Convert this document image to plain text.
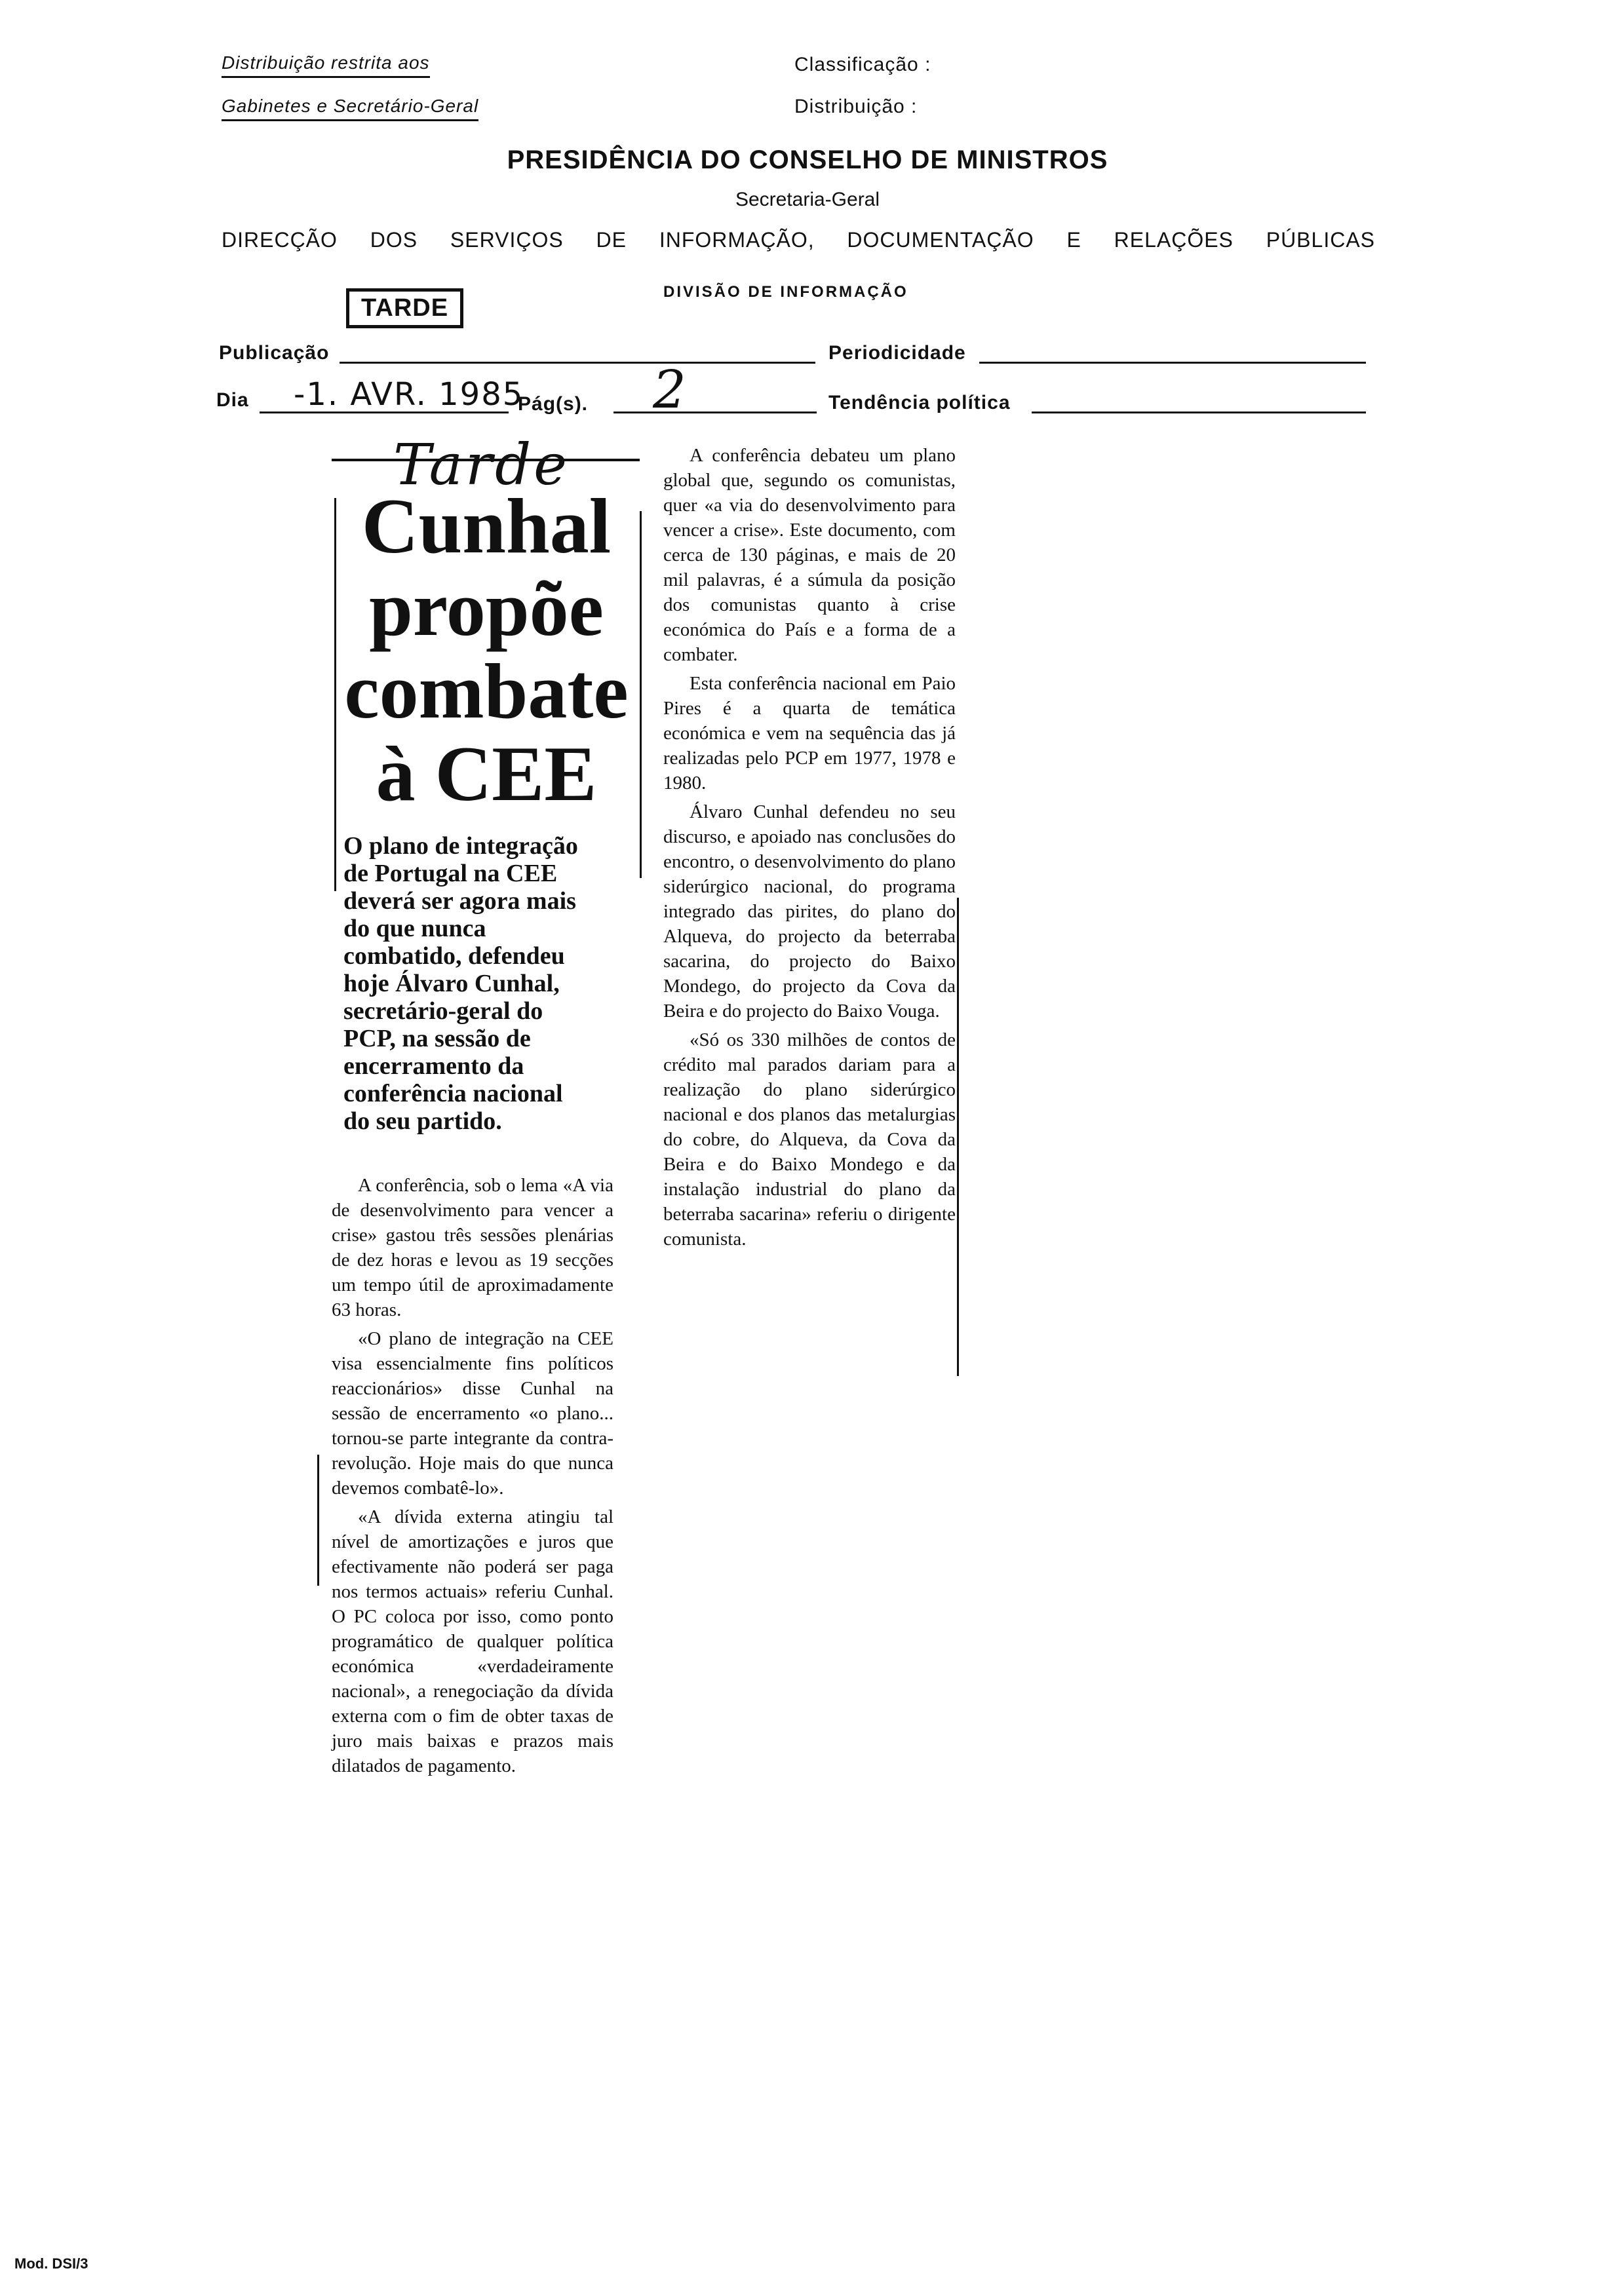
Distribuição restrita aos
Gabinetes e Secretário-Geral
Classificação :
Distribuição :
PRESIDÊNCIA DO CONSELHO DE MINISTROS
Secretaria-Geral
DIRECÇÃO DOS SERVIÇOS DE INFORMAÇÃO, DOCUMENTAÇÃO E RELAÇÕES PÚBLICAS
DIVISÃO DE INFORMAÇÃO
TARDE
Publicação	Periodicidade
Dia -1. AVR. 1985
Pág(s). 2	Tendência política
Tarde
Cunhal
propõe
combate
à CEE
O plano de integração
de Portugal na CEE
deverá ser agora mais
do que nunca
combatido, defendeu
hoje Álvaro Cunhal,
secretário-geral do
PCP, na sessão de
encerramento da
conferência nacional
do seu partido.

A conferência, sob o lema «A via de desenvolvimento para vencer a crise» gastou três sessões plenárias de dez horas e levou as 19 secções um tempo útil de aproximadamente 63 horas.

«O plano de integração na CEE visa essencialmente fins políticos reaccionários» disse Cunhal na sessão de encerramento «o plano... tornou-se parte integrante da contra-revolução. Hoje mais do que nunca devemos combatê-lo».

«A dívida externa atingiu tal nível de amortizações e juros que efectivamente não poderá ser paga nos termos actuais» referiu Cunhal. O PC coloca por isso, como ponto programático de qualquer política económica «verdadeiramente nacional», a renegociação da dívida externa com o fim de obter taxas de juro mais baixas e prazos mais dilatados de pagamento.

A conferência debateu um plano global que, segundo os comunistas, quer «a via do desenvolvimento para vencer a crise». Este documento, com cerca de 130 páginas, e mais de 20 mil palavras, é a súmula da posição dos comunistas quanto à crise económica do País e a forma de a combater.

Esta conferência nacional em Paio Pires é a quarta de temática económica e vem na sequência das já realizadas pelo PCP em 1977, 1978 e 1980.

Álvaro Cunhal defendeu no seu discurso, e apoiado nas conclusões do encontro, o desenvolvimento do plano siderúrgico nacional, do programa integrado das pirites, do plano do Alqueva, do projecto da beterraba sacarina, do projecto do Baixo Mondego, do projecto da Cova da Beira e do projecto do Baixo Vouga.

«Só os 330 milhões de contos de crédito mal parados dariam para a realização do plano siderúrgico nacional e dos planos das metalurgias do cobre, do Alqueva, da Cova da Beira e do Baixo Mondego e da instalação industrial do plano da beterraba sacarina» referiu o dirigente comunista.

Mod. DSI/3
